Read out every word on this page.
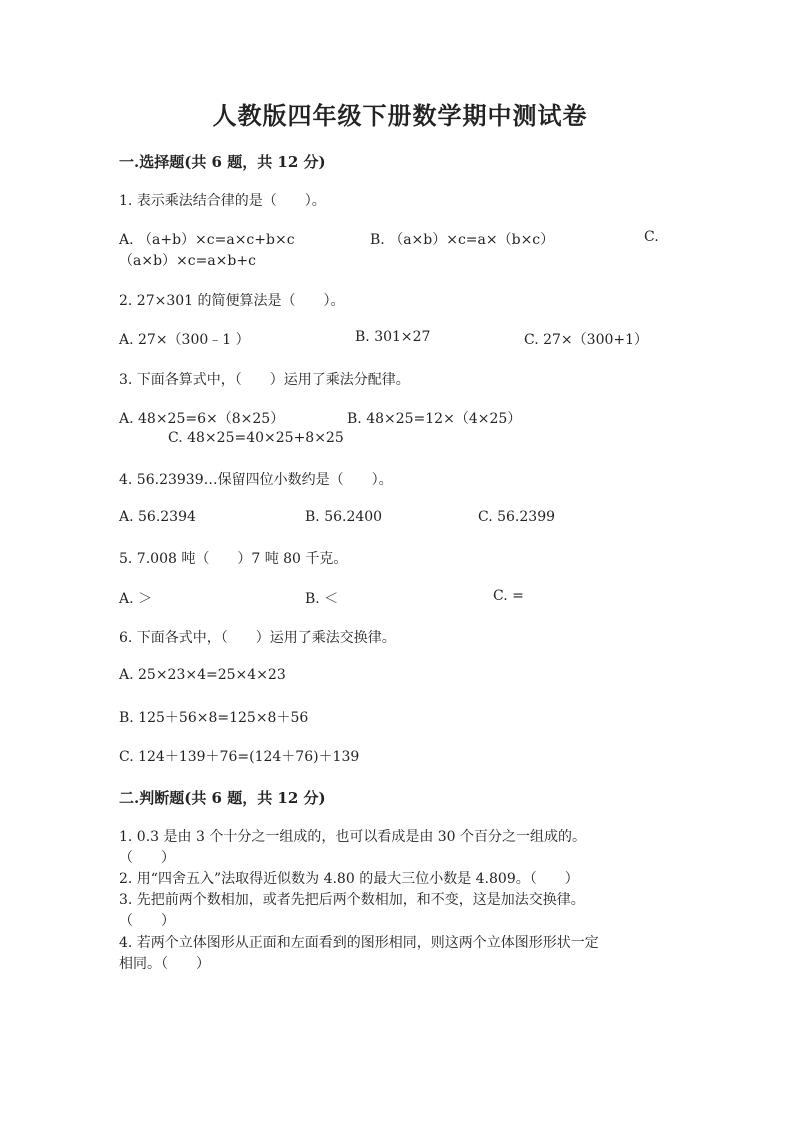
人教版四年级下册数学期中测试卷
一.选择题(共 6 题，共 12 分)
1. 表示乘法结合律的是（　　）。
A. （a+b）×c=a×c+b×c	B. （a×b）×c=a×（b×c）	C.
（a×b）×c=a×b+c
2. 27×301 的简便算法是（　　）。
A. 27×（300﹣1 ）	B. 301×27	C. 27×（300+1）
3. 下面各算式中，（　　）运用了乘法分配律。
A. 48×25=6×（8×25）	B. 48×25=12×（4×25）
C. 48×25=40×25+8×25
4. 56.23939…保留四位小数约是（　　）。
A. 56.2394	B. 56.2400	C. 56.2399
5. 7.008 吨（　　）7 吨 80 千克。
A. ＞	B. ＜	C. =
6. 下面各式中，（　　）运用了乘法交换律。
A. 25×23×4=25×4×23
B. 125＋56×8=125×8＋56
C. 124＋139＋76=(124＋76)＋139
二.判断题(共 6 题，共 12 分)
1. 0.3 是由 3 个十分之一组成的，也可以看成是由 30 个百分之一组成的。
（　　）
2. 用“四舍五入”法取得近似数为 4.80 的最大三位小数是 4.809。（　　）
3. 先把前两个数相加，或者先把后两个数相加，和不变，这是加法交换律。
（　　）
4. 若两个立体图形从正面和左面看到的图形相同，则这两个立体图形形状一定
相同。（　　）
